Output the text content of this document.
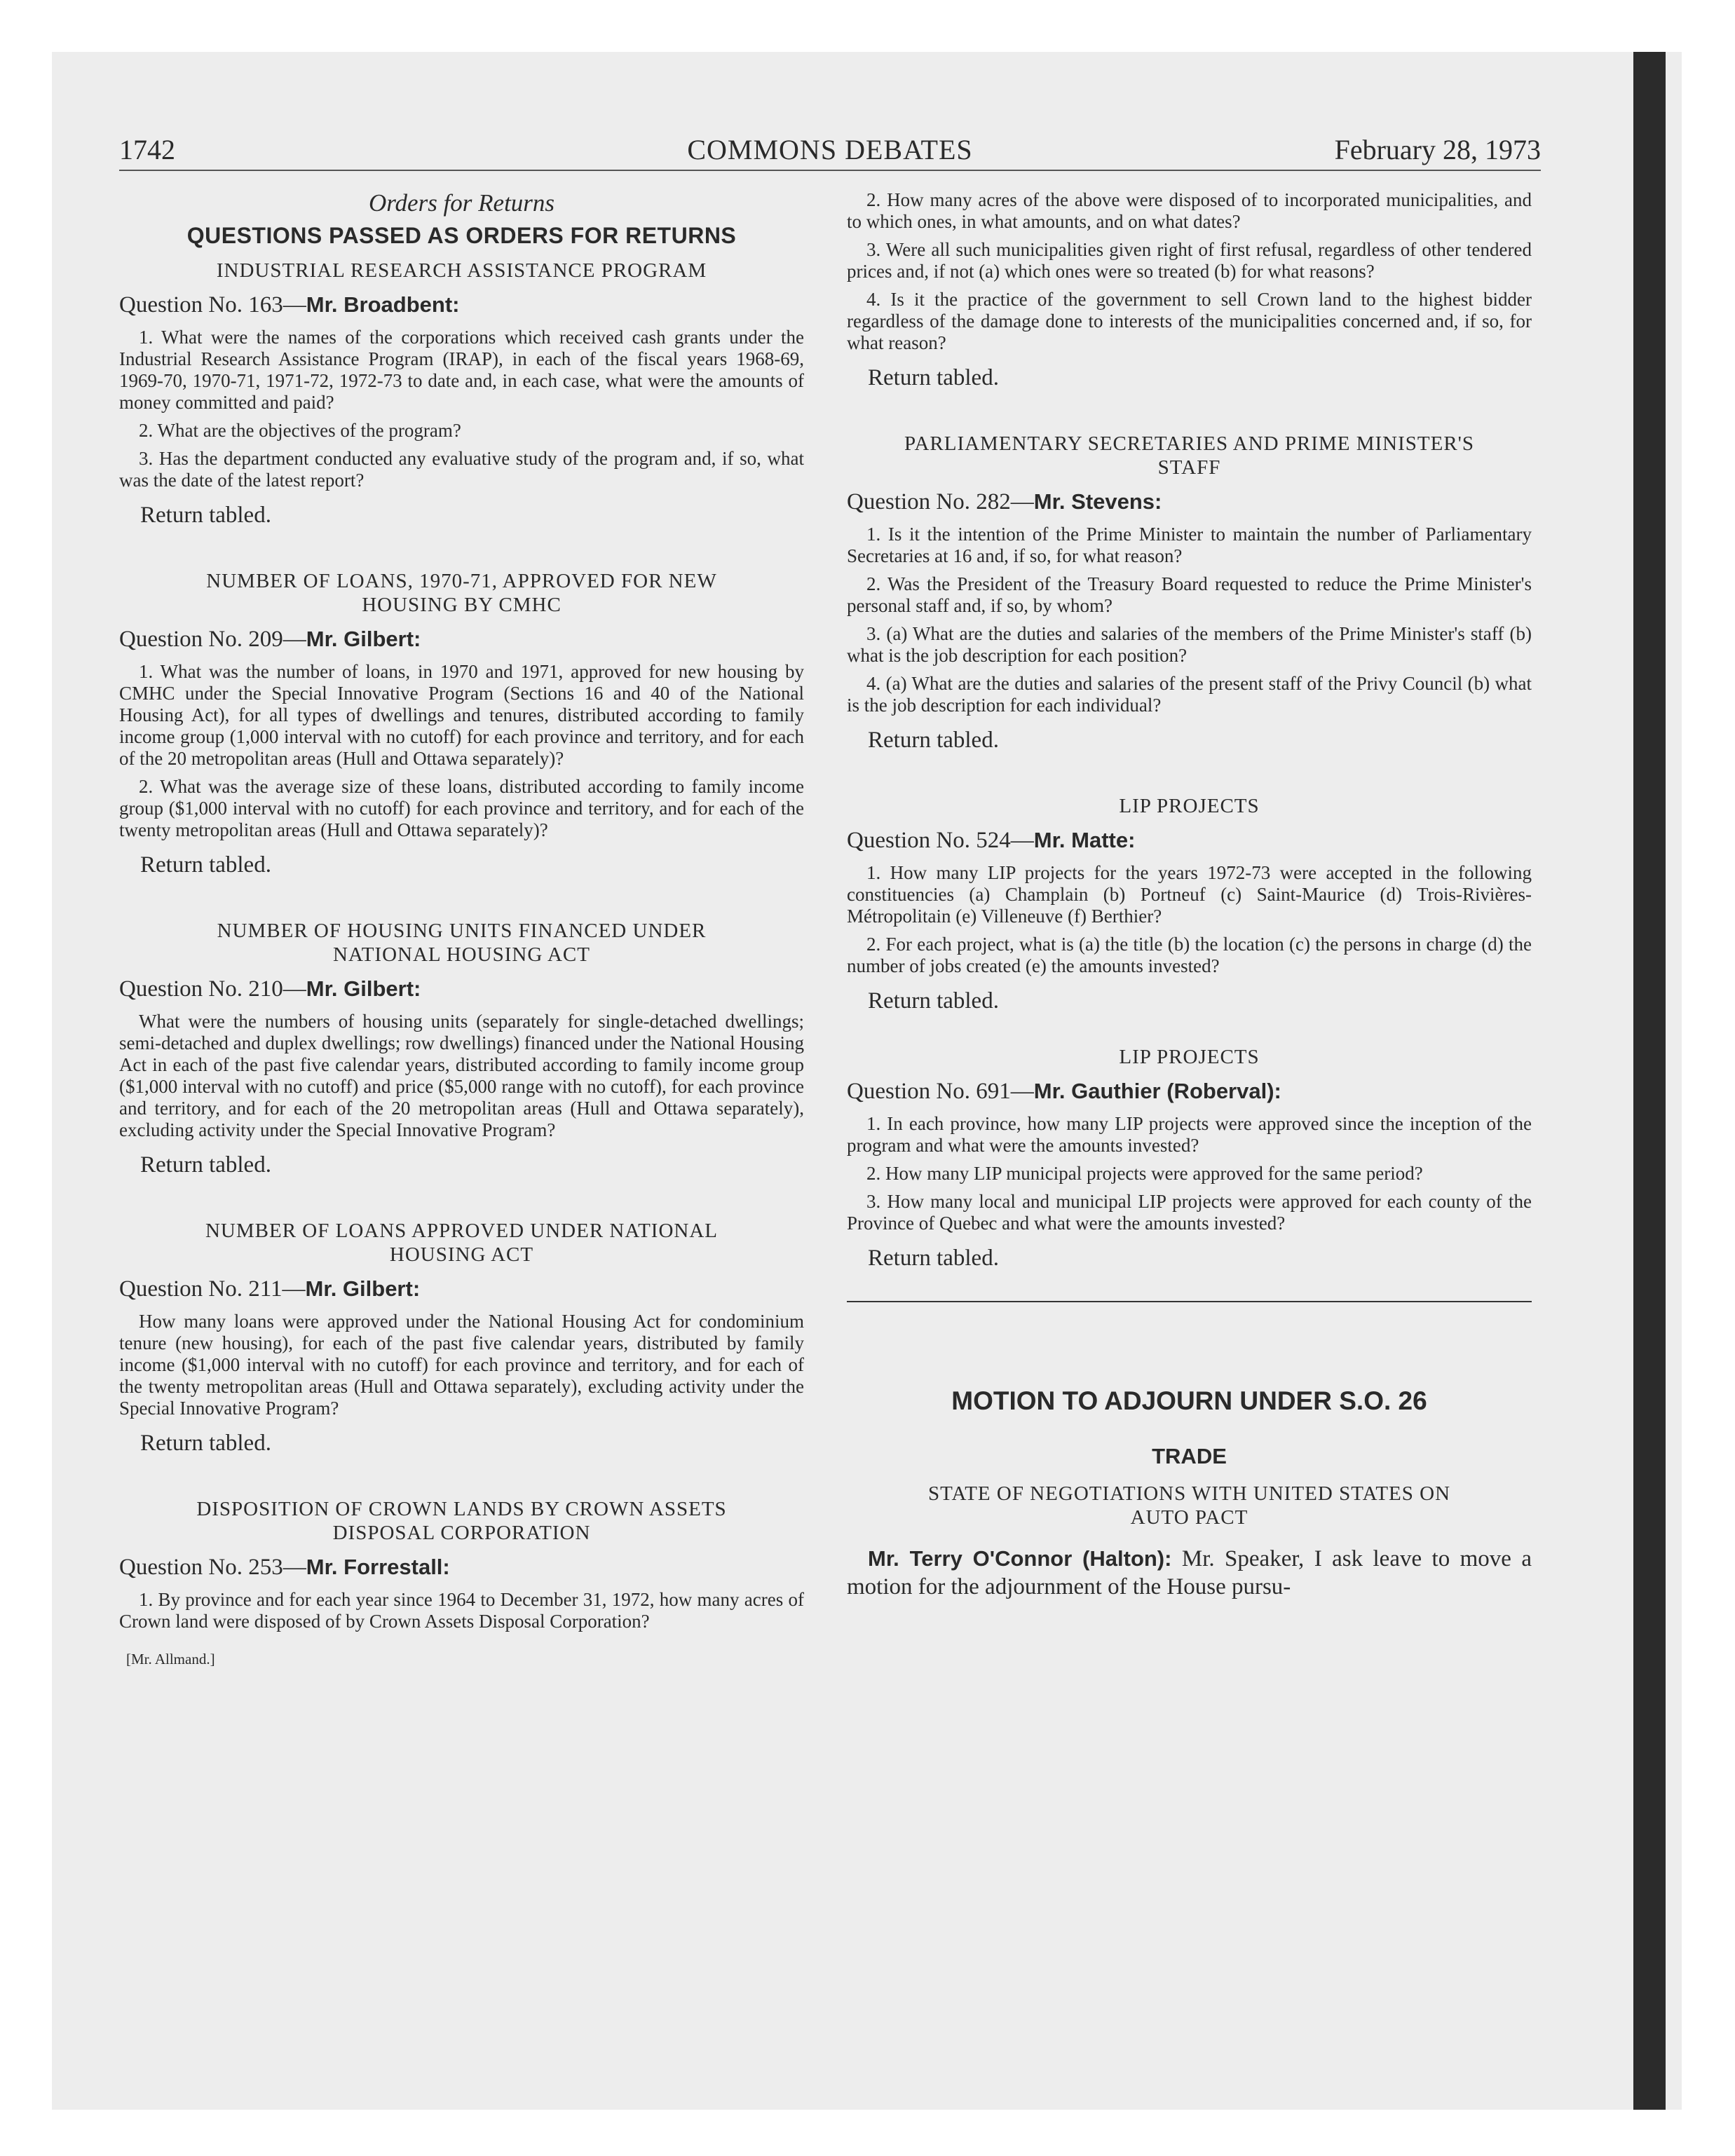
1742	COMMONS DEBATES	February 28, 1973

Orders for Returns

QUESTIONS PASSED AS ORDERS FOR RETURNS

INDUSTRIAL RESEARCH ASSISTANCE PROGRAM

Question No. 163—Mr. Broadbent:

1. What were the names of the corporations which received cash grants under the Industrial Research Assistance Program (IRAP), in each of the fiscal years 1968-69, 1969-70, 1970-71, 1971-72, 1972-73 to date and, in each case, what were the amounts of money committed and paid?

2. What are the objectives of the program?

3. Has the department conducted any evaluative study of the program and, if so, what was the date of the latest report?

Return tabled.

NUMBER OF LOANS, 1970-71, APPROVED FOR NEW
HOUSING BY CMHC

Question No. 209—Mr. Gilbert:

1. What was the number of loans, in 1970 and 1971, approved for new housing by CMHC under the Special Innovative Program (Sections 16 and 40 of the National Housing Act), for all types of dwellings and tenures, distributed according to family income group (1,000 interval with no cutoff) for each province and territory, and for each of the 20 metropolitan areas (Hull and Ottawa separately)?

2. What was the average size of these loans, distributed according to family income group ($1,000 interval with no cutoff) for each province and territory, and for each of the twenty metropolitan areas (Hull and Ottawa separately)?

Return tabled.

NUMBER OF HOUSING UNITS FINANCED UNDER
NATIONAL HOUSING ACT

Question No. 210—Mr. Gilbert:

What were the numbers of housing units (separately for single-detached dwellings; semi-detached and duplex dwellings; row dwellings) financed under the National Housing Act in each of the past five calendar years, distributed according to family income group ($1,000 interval with no cutoff) and price ($5,000 range with no cutoff), for each province and territory, and for each of the 20 metropolitan areas (Hull and Ottawa separately), excluding activity under the Special Innovative Program?

Return tabled.

NUMBER OF LOANS APPROVED UNDER NATIONAL
HOUSING ACT

Question No. 211—Mr. Gilbert:

How many loans were approved under the National Housing Act for condominium tenure (new housing), for each of the past five calendar years, distributed by family income ($1,000 interval with no cutoff) for each province and territory, and for each of the twenty metropolitan areas (Hull and Ottawa separately), excluding activity under the Special Innovative Program?

Return tabled.

DISPOSITION OF CROWN LANDS BY CROWN ASSETS
DISPOSAL CORPORATION

Question No. 253—Mr. Forrestall:

1. By province and for each year since 1964 to December 31, 1972, how many acres of Crown land were disposed of by Crown Assets Disposal Corporation?

[Mr. Allmand.]

2. How many acres of the above were disposed of to incorporated municipalities, and to which ones, in what amounts, and on what dates?

3. Were all such municipalities given right of first refusal, regardless of other tendered prices and, if not (a) which ones were so treated (b) for what reasons?

4. Is it the practice of the government to sell Crown land to the highest bidder regardless of the damage done to interests of the municipalities concerned and, if so, for what reason?

Return tabled.

PARLIAMENTARY SECRETARIES AND PRIME MINISTER'S
STAFF

Question No. 282—Mr. Stevens:

1. Is it the intention of the Prime Minister to maintain the number of Parliamentary Secretaries at 16 and, if so, for what reason?

2. Was the President of the Treasury Board requested to reduce the Prime Minister's personal staff and, if so, by whom?

3. (a) What are the duties and salaries of the members of the Prime Minister's staff (b) what is the job description for each position?

4. (a) What are the duties and salaries of the present staff of the Privy Council (b) what is the job description for each individual?

Return tabled.

LIP PROJECTS

Question No. 524—Mr. Matte:

1. How many LIP projects for the years 1972-73 were accepted in the following constituencies (a) Champlain (b) Portneuf (c) Saint-Maurice (d) Trois-Rivières-Métropolitain (e) Villeneuve (f) Berthier?

2. For each project, what is (a) the title (b) the location (c) the persons in charge (d) the number of jobs created (e) the amounts invested?

Return tabled.

LIP PROJECTS

Question No. 691—Mr. Gauthier (Roberval):

1. In each province, how many LIP projects were approved since the inception of the program and what were the amounts invested?

2. How many LIP municipal projects were approved for the same period?

3. How many local and municipal LIP projects were approved for each county of the Province of Quebec and what were the amounts invested?

Return tabled.

MOTION TO ADJOURN UNDER S.O. 26

TRADE

STATE OF NEGOTIATIONS WITH UNITED STATES ON
AUTO PACT

Mr. Terry O'Connor (Halton): Mr. Speaker, I ask leave to move a motion for the adjournment of the House pursu-
